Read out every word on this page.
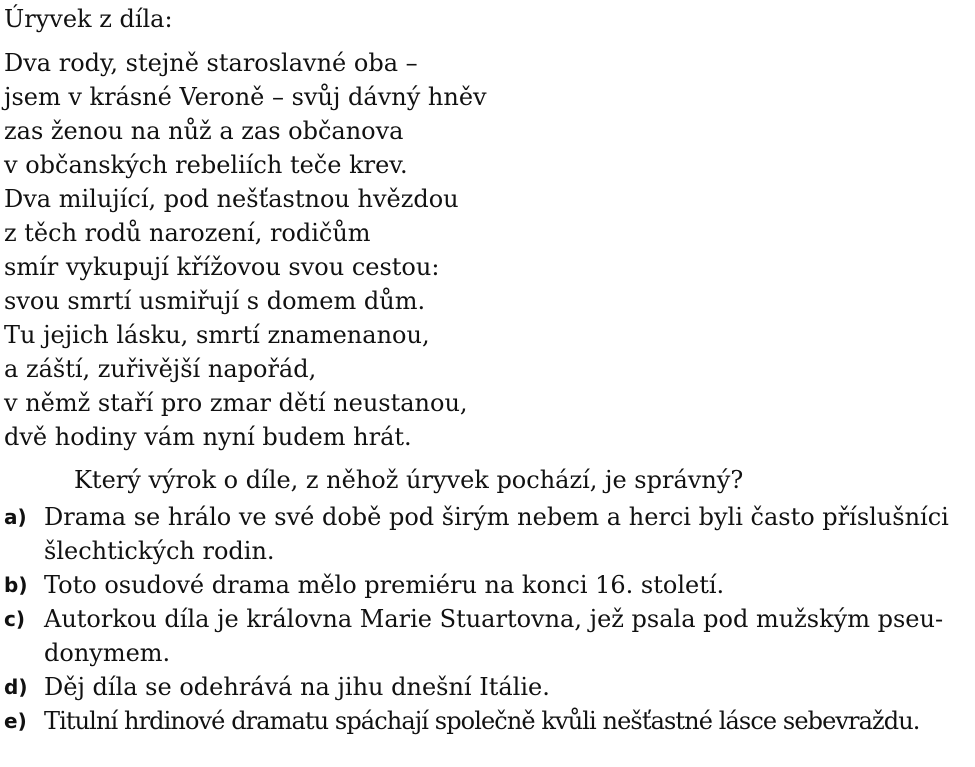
Úryvek z díla:
Dva rody, stejně staroslavné oba –
jsem v krásné Veroně – svůj dávný hněv
zas ženou na nůž a zas občanova
v občanských rebeliích teče krev.
Dva milující, pod nešťastnou hvězdou
z těch rodů narození, rodičům
smír vykupují křížovou svou cestou:
svou smrtí usmiřují s domem dům.
Tu jejich lásku, smrtí znamenanou,
a záští, zuřivější napořád,
v němž staří pro zmar dětí neustanou,
dvě hodiny vám nyní budem hrát.
Který výrok o díle, z něhož úryvek pochází, je správný?
a) Drama se hrálo ve své době pod širým nebem a herci byli často příslušníci
šlechtických rodin.
b) Toto osudové drama mělo premiéru na konci 16. století.
c) Autorkou díla je královna Marie Stuartovna, jež psala pod mužským pseu-
donymem.
d) Děj díla se odehrává na jihu dnešní Itálie.
e) Titulní hrdinové dramatu spáchají společně kvůli nešťastné lásce sebevraždu.
